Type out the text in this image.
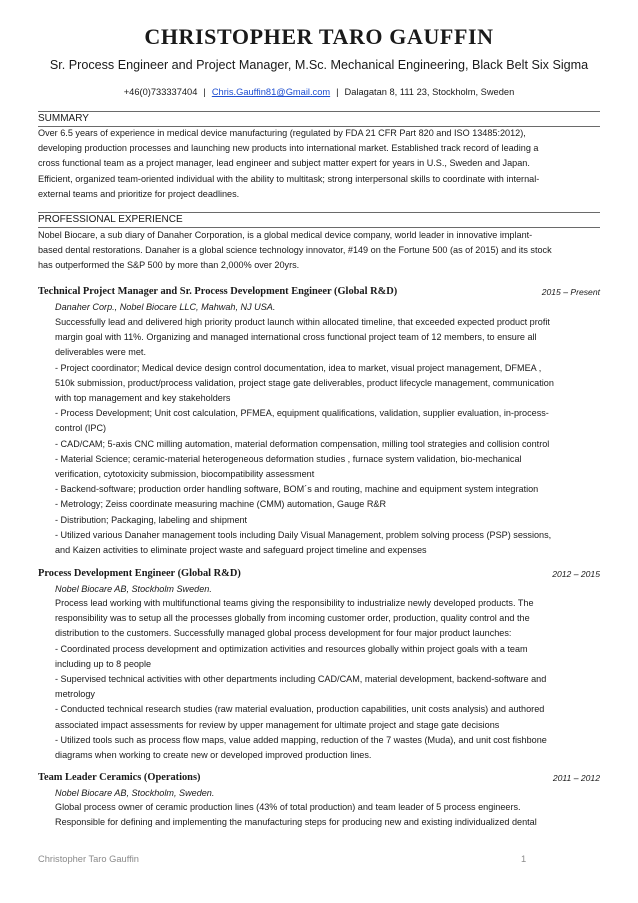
CHRISTOPHER TARO GAUFFIN
Sr. Process Engineer and Project Manager, M.Sc. Mechanical Engineering, Black Belt Six Sigma
+46(0)733337404 | Chris.Gauffin81@Gmail.com | Dalagatan 8, 111 23, Stockholm, Sweden
SUMMARY
Over 6.5 years of experience in medical device manufacturing (regulated by FDA 21 CFR Part 820 and ISO 13485:2012),
developing production processes and launching new products into international market. Established track record of leading a
cross functional team as a project manager, lead engineer and subject matter expert for years in U.S., Sweden and Japan.
Efficient, organized team-oriented individual with the ability to multitask; strong interpersonal skills to coordinate with internal-
external teams and prioritize for project deadlines.
PROFESSIONAL EXPERIENCE
Nobel Biocare, a sub diary of Danaher Corporation, is a global medical device company, world leader in innovative implant-
based dental restorations. Danaher is a global science technology innovator, #149 on the Fortune 500 (as of 2015) and its stock
has outperformed the S&P 500 by more than 2,000% over 20yrs.
Technical Project Manager and Sr. Process Development Engineer (Global R&D)	2015 – Present
Danaher Corp., Nobel Biocare LLC, Mahwah, NJ USA.
Successfully lead and delivered high priority product launch within allocated timeline, that exceeded expected product profit
margin goal with 11%. Organizing and managed international cross functional project team of 12 members, to ensure all
deliverables were met.
- Project coordinator; Medical device design control documentation, idea to market, visual project management, DFMEA ,
510k submission, product/process validation, project stage gate deliverables, product lifecycle management, communication
with top management and key stakeholders
- Process Development; Unit cost calculation, PFMEA, equipment qualifications, validation, supplier evaluation, in-process-
control (IPC)
- CAD/CAM; 5-axis CNC milling automation, material deformation compensation, milling tool strategies and collision control
- Material Science; ceramic-material heterogeneous deformation studies , furnace system validation, bio-mechanical
verification, cytotoxicity submission, biocompatibility assessment
- Backend-software; production order handling software, BOM´s and routing, machine and equipment system integration
- Metrology; Zeiss coordinate measuring machine (CMM) automation, Gauge R&R
- Distribution; Packaging, labeling and shipment
- Utilized various Danaher management tools including Daily Visual Management, problem solving process (PSP) sessions,
and Kaizen activities to eliminate project waste and safeguard project timeline and expenses
Process Development Engineer (Global R&D)	2012 – 2015
Nobel Biocare AB, Stockholm Sweden.
Process lead working with multifunctional teams giving the responsibility to industrialize newly developed products. The
responsibility was to setup all the processes globally from incoming customer order, production, quality control and the
distribution to the customers. Successfully managed global process development for four major product launches:
- Coordinated process development and optimization activities and resources globally within project goals with a team
including up to 8 people
- Supervised technical activities with other departments including CAD/CAM, material development, backend-software and
metrology
- Conducted technical research studies (raw material evaluation, production capabilities, unit costs analysis) and authored
associated impact assessments for review by upper management for ultimate project and stage gate decisions
- Utilized tools such as process flow maps, value added mapping, reduction of the 7 wastes (Muda), and unit cost fishbone
diagrams when working to create new or developed improved production lines.
Team Leader Ceramics (Operations)	2011 – 2012
Nobel Biocare AB, Stockholm, Sweden.
Global process owner of ceramic production lines (43% of total production) and team leader of 5 process engineers.
Responsible for defining and implementing the manufacturing steps for producing new and existing individualized dental
Christopher Taro Gauffin	1
